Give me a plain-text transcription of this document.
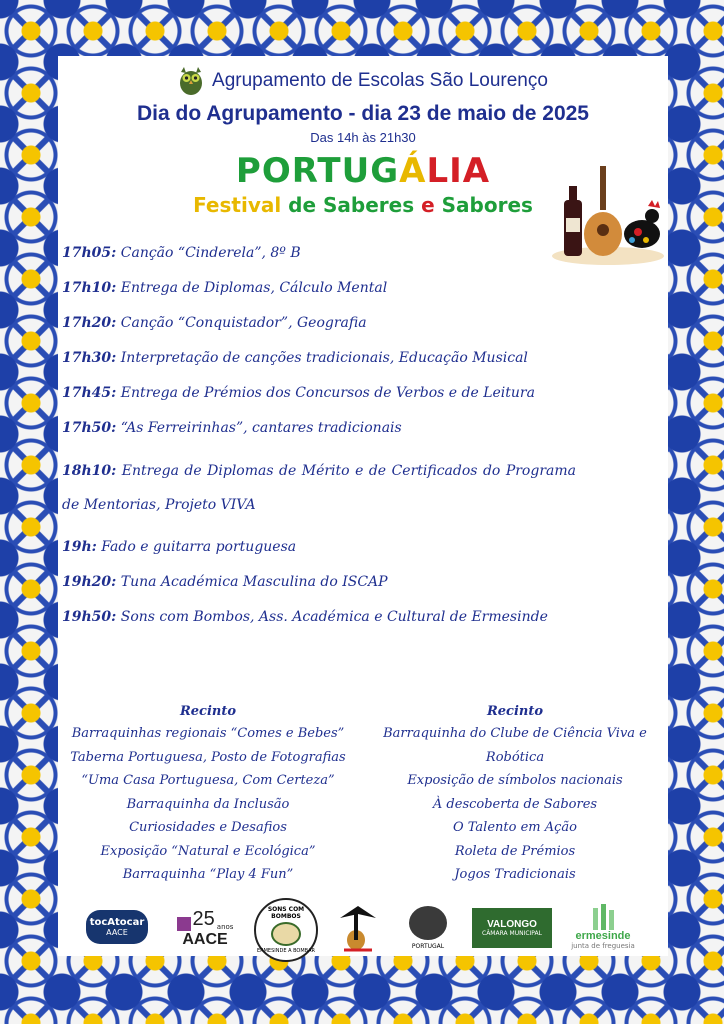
Agrupamento de Escolas São Lourenço
Dia do Agrupamento - dia 23 de maio de 2025
Das 14h às 21h30
PORTUGÁLIA
Festival de Saberes e Sabores
17h05: Canção “Cinderela”, 8º B
17h10: Entrega de Diplomas, Cálculo Mental
17h20: Canção “Conquistador”, Geografia
17h30: Interpretação de canções tradicionais, Educação Musical
17h45: Entrega de Prémios dos Concursos de Verbos e de Leitura
17h50: “As Ferreirinhas”, cantares tradicionais
18h10: Entrega de Diplomas de Mérito e de Certificados do Programa de Mentorias, Projeto VIVA
19h: Fado e guitarra portuguesa
19h20: Tuna Académica Masculina do ISCAP
19h50: Sons com Bombos, Ass. Académica e Cultural de Ermesinde
Recinto
Barraquinhas regionais “Comes e Bebes”
Taberna Portuguesa, Posto de Fotografias
“Uma Casa Portuguesa, Com Certeza”
Barraquinha da Inclusão
Curiosidades e Desafios
Exposição “Natural e Ecológica”
Barraquinha “Play 4 Fun”
Recinto
Barraquinha do Clube de Ciência Viva e Robótica
Exposição de símbolos nacionais
À descoberta de Sabores
O Talento em Ação
Roleta de Prémios
Jogos Tradicionais
tocAtocar
AACE
25 anos
AACE
SONS COM BOMBOS
ERMESINDE A BOMBAR
PORTUGAL
VALONGO
CÂMARA MUNICIPAL	ermesinde
junta de freguesia
